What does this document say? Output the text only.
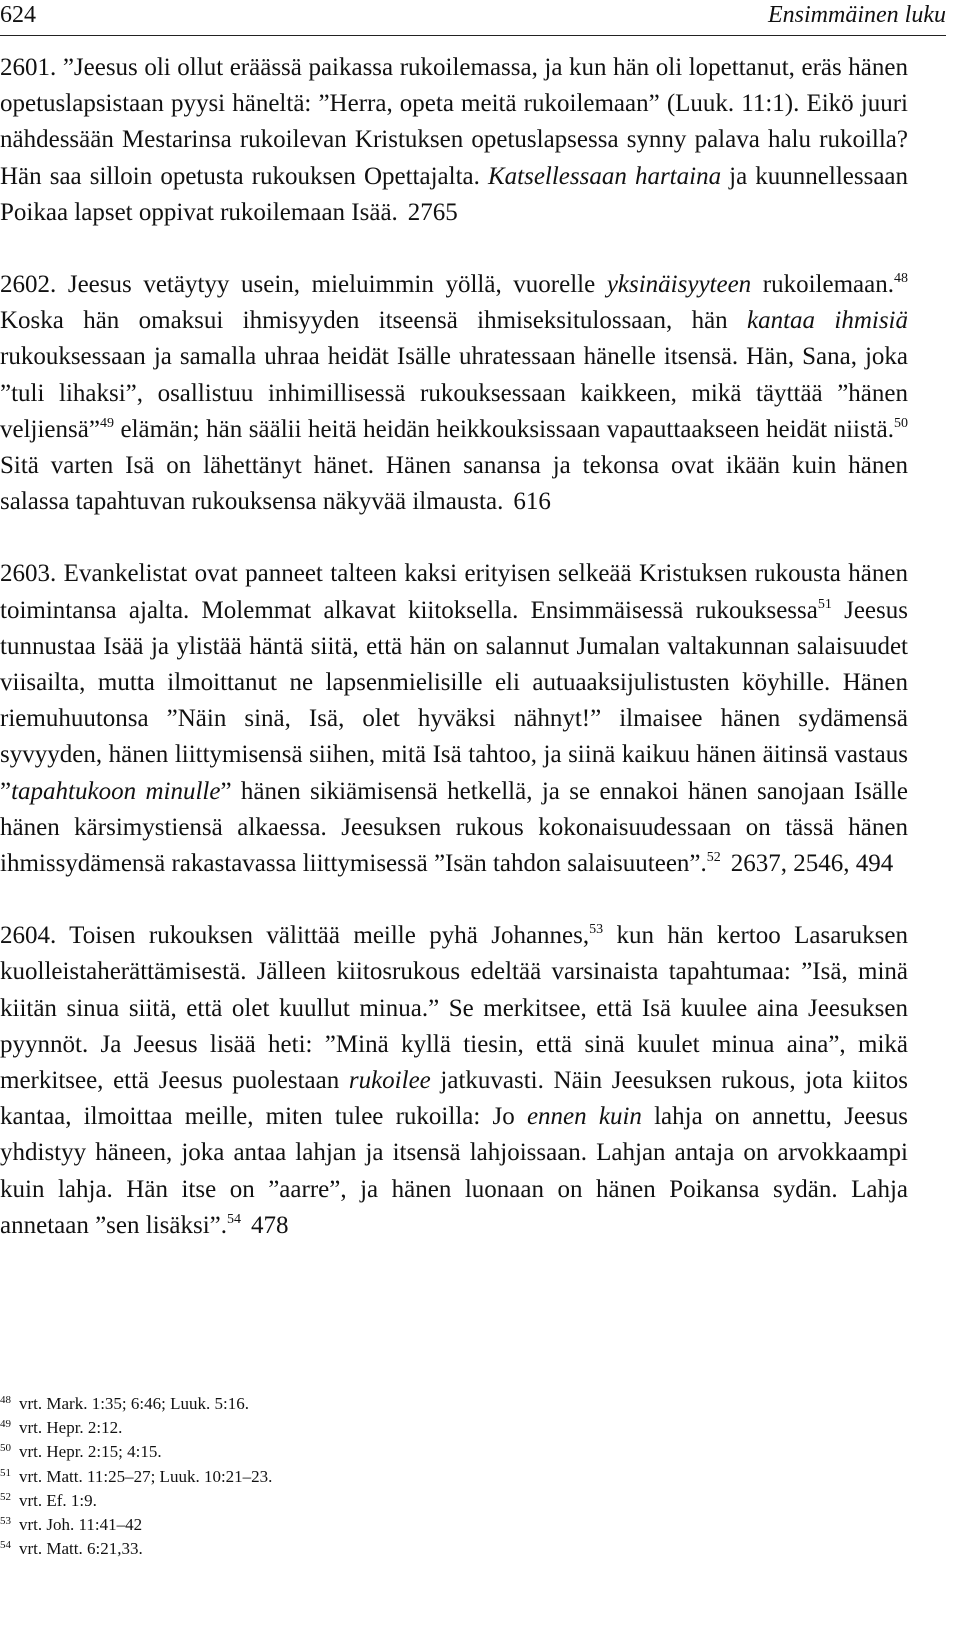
624	Ensimmäinen luku

2601. ”Jeesus oli ollut eräässä paikassa rukoilemassa, ja kun hän oli lopettanut, eräs hänen opetuslapsistaan pyysi häneltä: ”Herra, opeta meitä rukoilemaan” (Luuk. 11:1). Eikö juuri nähdessään Mestarinsa rukoilevan Kristuksen opetuslapsessa synny palava halu rukoilla? Hän saa silloin opetusta rukouksen Opettajalta. Katsellessaan hartaina ja kuunnellessaan Poikaa lapset oppivat rukoilemaan Isää. 2765

2602. Jeesus vetäytyy usein, mieluimmin yöllä, vuorelle yksinäisyyteen rukoilemaan.$^{48}$ Koska hän omaksui ihmisyyden itseensä ihmiseksitulossaan, hän kantaa ihmisiä rukouksessaan ja samalla uhraa heidät Isälle uhratessaan hänelle itsensä. Hän, Sana, joka ”tuli lihaksi”, osallistuu inhimillisessä rukouksessaan kaikkeen, mikä täyttää ”hänen veljiensä”$^{49}$ elämän; hän säälii heitä heidän heikkouksissaan vapauttaakseen heidät niistä.$^{50}$ Sitä varten Isä on lähettänyt hänet. Hänen sanansa ja tekonsa ovat ikään kuin hänen salassa tapahtuvan rukouksensa näkyvää ilmausta. 616

2603. Evankelistat ovat panneet talteen kaksi erityisen selkeää Kristuksen rukousta hänen toimintansa ajalta. Molemmat alkavat kiitoksella. Ensimmäisessä rukouksessa$^{51}$ Jeesus tunnustaa Isää ja ylistää häntä siitä, että hän on salannut Jumalan valtakunnan salaisuudet viisailta, mutta ilmoittanut ne lapsenmielisille eli autuaaksijulistusten köyhille. Hänen riemuhuutonsa ”Näin sinä, Isä, olet hyväksi nähnyt!” ilmaisee hänen sydämensä syvyyden, hänen liittymisensä siihen, mitä Isä tahtoo, ja siinä kaikuu hänen äitinsä vastaus ”tapahtukoon minulle” hänen sikiämisensä hetkellä, ja se ennakoi hänen sanojaan Isälle hänen kärsimystiensä alkaessa. Jeesuksen rukous kokonaisuudessaan on tässä hänen ihmissydämensä rakastavassa liittymisessä ”Isän tahdon salaisuuteen”.$^{52}$ 2637, 2546, 494

2604. Toisen rukouksen välittää meille pyhä Johannes,$^{53}$ kun hän kertoo Lasaruksen kuolleistaherättämisestä. Jälleen kiitosrukous edeltää varsinaista tapahtumaa: ”Isä, minä kiitän sinua siitä, että olet kuullut minua.” Se merkitsee, että Isä kuulee aina Jeesuksen pyynnöt. Ja Jeesus lisää heti: ”Minä kyllä tiesin, että sinä kuulet minua aina”, mikä merkitsee, että Jeesus puolestaan rukoilee jatkuvasti. Näin Jeesuksen rukous, jota kiitos kantaa, ilmoittaa meille, miten tulee rukoilla: Jo ennen kuin lahja on annettu, Jeesus yhdistyy häneen, joka antaa lahjan ja itsensä lahjoissaan. Lahjan antaja on arvokkaampi kuin lahja. Hän itse on ”aarre”, ja hänen luonaan on hänen Poikansa sydän. Lahja annetaan ”sen lisäksi”.$^{54}$ 478

$^{48}$ vrt. Mark. 1:35; 6:46; Luuk. 5:16.
$^{49}$ vrt. Hepr. 2:12.
$^{50}$ vrt. Hepr. 2:15; 4:15.
$^{51}$ vrt. Matt. 11:25–27; Luuk. 10:21–23.
$^{52}$ vrt. Ef. 1:9.
$^{53}$ vrt. Joh. 11:41–42
$^{54}$ vrt. Matt. 6:21,33.
